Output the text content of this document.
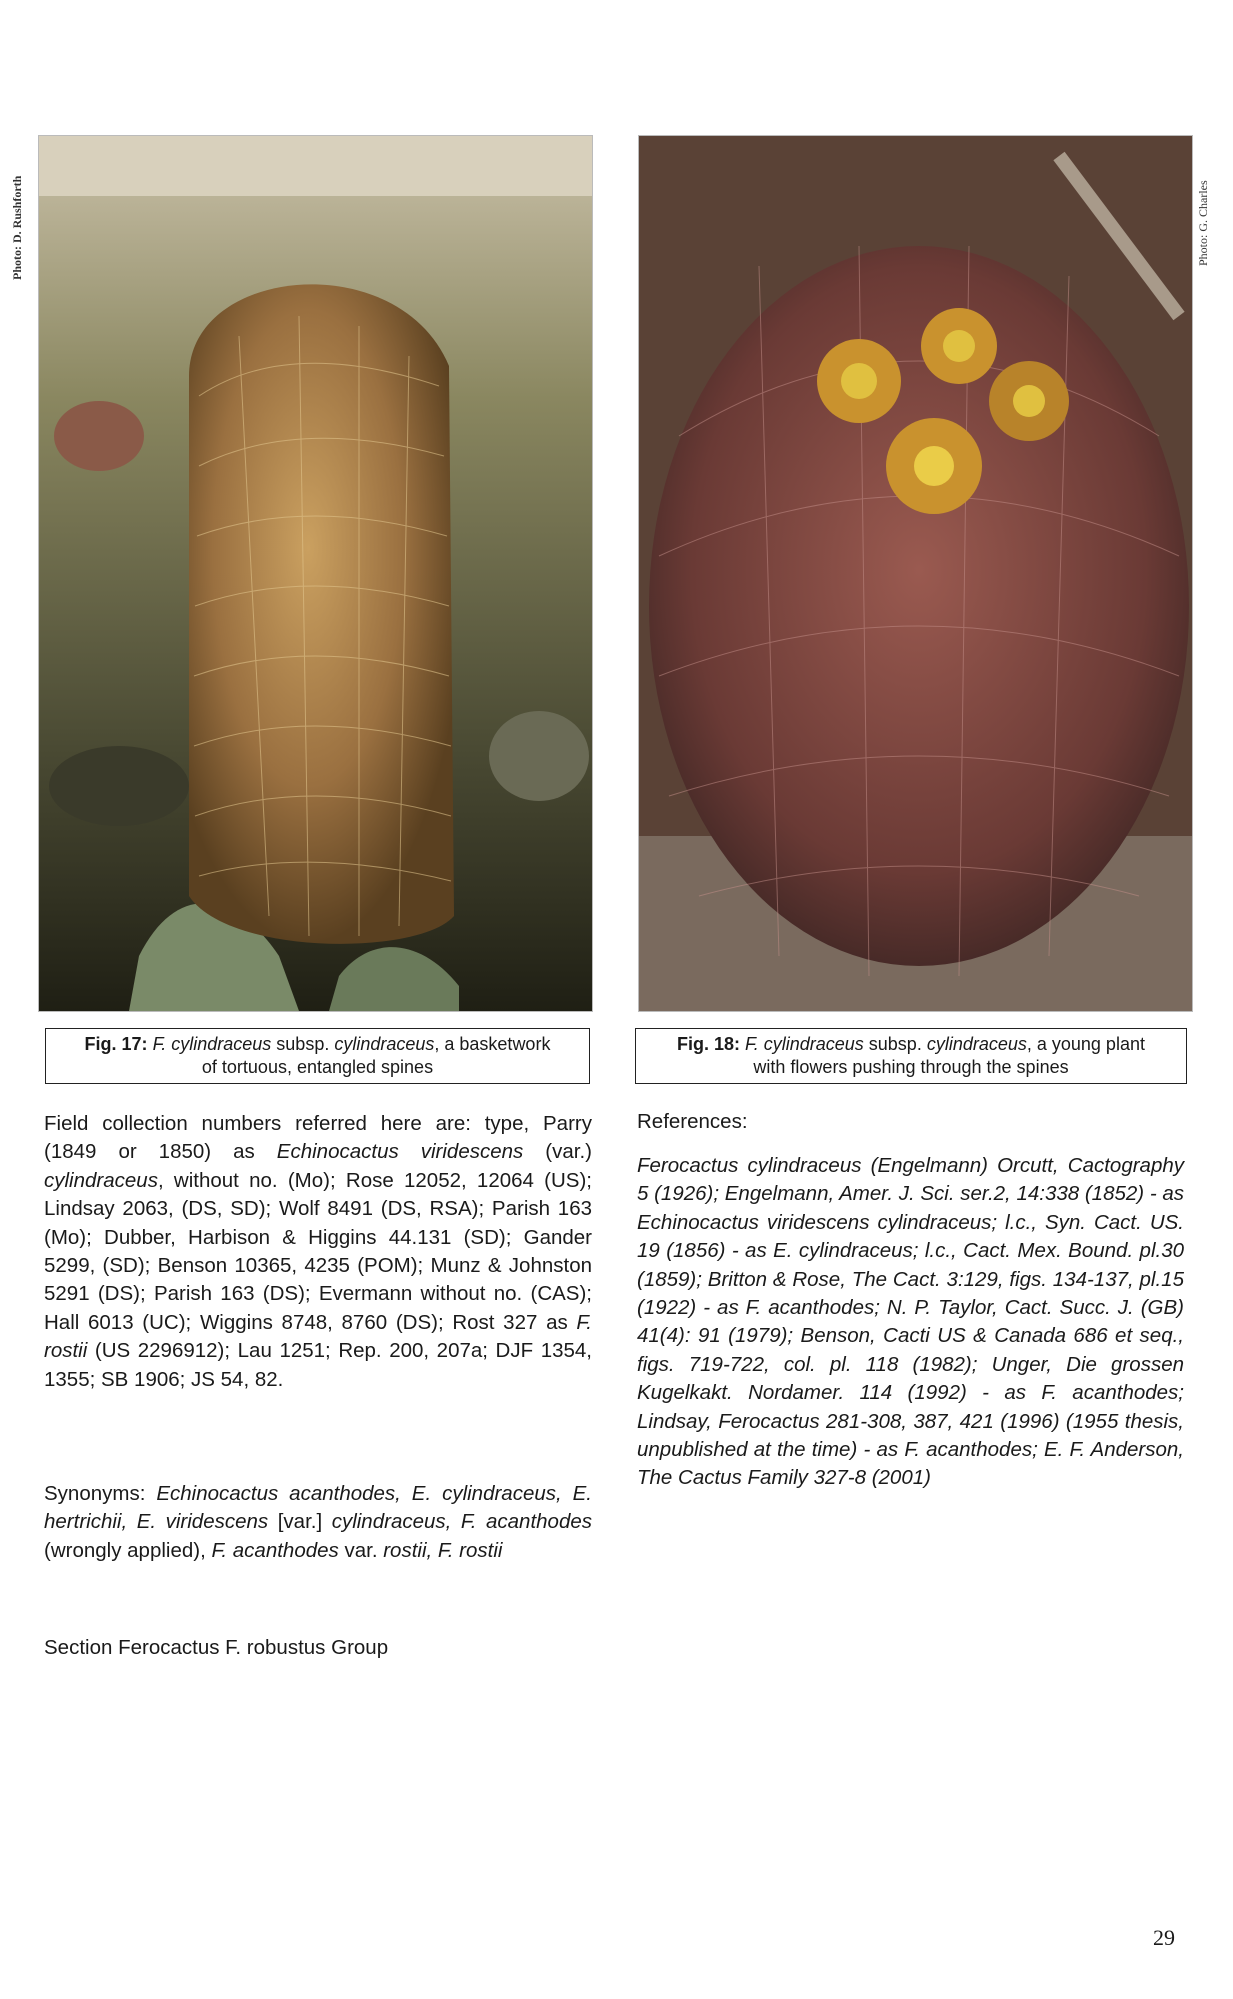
Photo: D. Rushforth	Photo: G. Charles
Fig. 17: F. cylindraceus subsp. cylindraceus, a basketwork
of tortuous, entangled spines
Fig. 18: F. cylindraceus subsp. cylindraceus, a young plant
with flowers pushing through the spines
Field collection numbers referred here are: type, Parry (1849 or 1850) as Echinocactus viridescens (var.) cylindraceus, without no. (Mo); Rose 12052, 12064 (US); Lindsay 2063, (DS, SD); Wolf 8491 (DS, RSA); Parish 163 (Mo); Dubber, Harbison & Higgins 44.131 (SD); Gander 5299, (SD); Benson 10365, 4235 (POM); Munz & Johnston 5291 (DS); Parish 163 (DS); Evermann without no. (CAS); Hall 6013 (UC); Wiggins 8748, 8760 (DS); Rost 327 as F. rostii (US 2296912); Lau 1251; Rep. 200, 207a; DJF 1354, 1355; SB 1906; JS 54, 82.
Synonyms: Echinocactus acanthodes, E. cylindraceus, E. hertrichii, E. viridescens [var.] cylindraceus, F. acanthodes (wrongly applied), F. acanthodes var. rostii, F. rostii
Section Ferocactus F. robustus Group
References:
Ferocactus cylindraceus (Engelmann) Orcutt, Cactography 5 (1926); Engelmann, Amer. J. Sci. ser.2, 14:338 (1852) - as Echinocactus viridescens cylindraceus; l.c., Syn. Cact. US. 19 (1856) - as E. cylindraceus; l.c., Cact. Mex. Bound. pl.30 (1859); Britton & Rose, The Cact. 3:129, figs. 134-137, pl.15 (1922) - as F. acanthodes; N. P. Taylor, Cact. Succ. J. (GB) 41(4): 91 (1979); Benson, Cacti US & Canada 686 et seq., figs. 719-722, col. pl. 118 (1982); Unger, Die grossen Kugelkakt. Nordamer. 114 (1992) - as F. acanthodes; Lindsay, Ferocactus 281-308, 387, 421 (1996) (1955 thesis, unpublished at the time) - as F. acanthodes; E. F. Anderson, The Cactus Family 327-8 (2001)
29
